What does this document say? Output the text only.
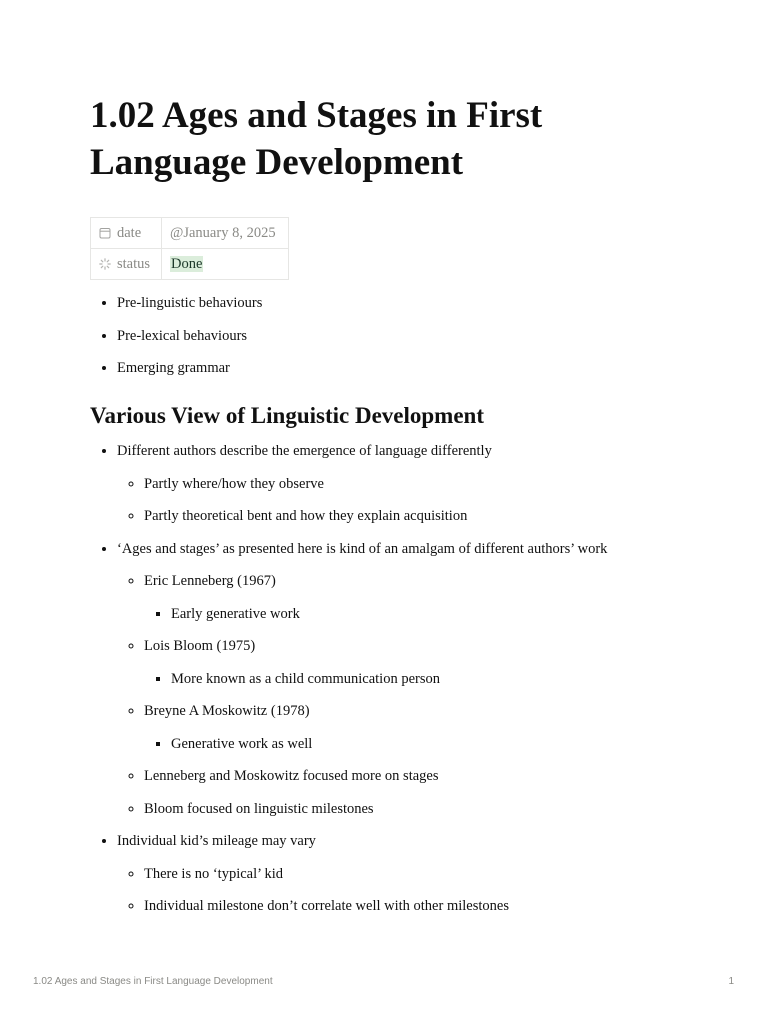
1.02 Ages and Stages in First Language Development
date	@January 8, 2025
status	Done
• Pre-linguistic behaviours
• Pre-lexical behaviours
• Emerging grammar
Various View of Linguistic Development
• Different authors describe the emergence of language differently
◦ Partly where/how they observe
◦ Partly theoretical bent and how they explain acquisition
• ‘Ages and stages’ as presented here is kind of an amalgam of different authors’ work
◦ Eric Lenneberg (1967)
▪ Early generative work
◦ Lois Bloom (1975)
▪ More known as a child communication person
◦ Breyne A Moskowitz (1978)
▪ Generative work as well
◦ Lenneberg and Moskowitz focused more on stages
◦ Bloom focused on linguistic milestones
• Individual kid’s mileage may vary
◦ There is no ‘typical’ kid
◦ Individual milestone don’t correlate well with other milestones
1.02 Ages and Stages in First Language Development	1
